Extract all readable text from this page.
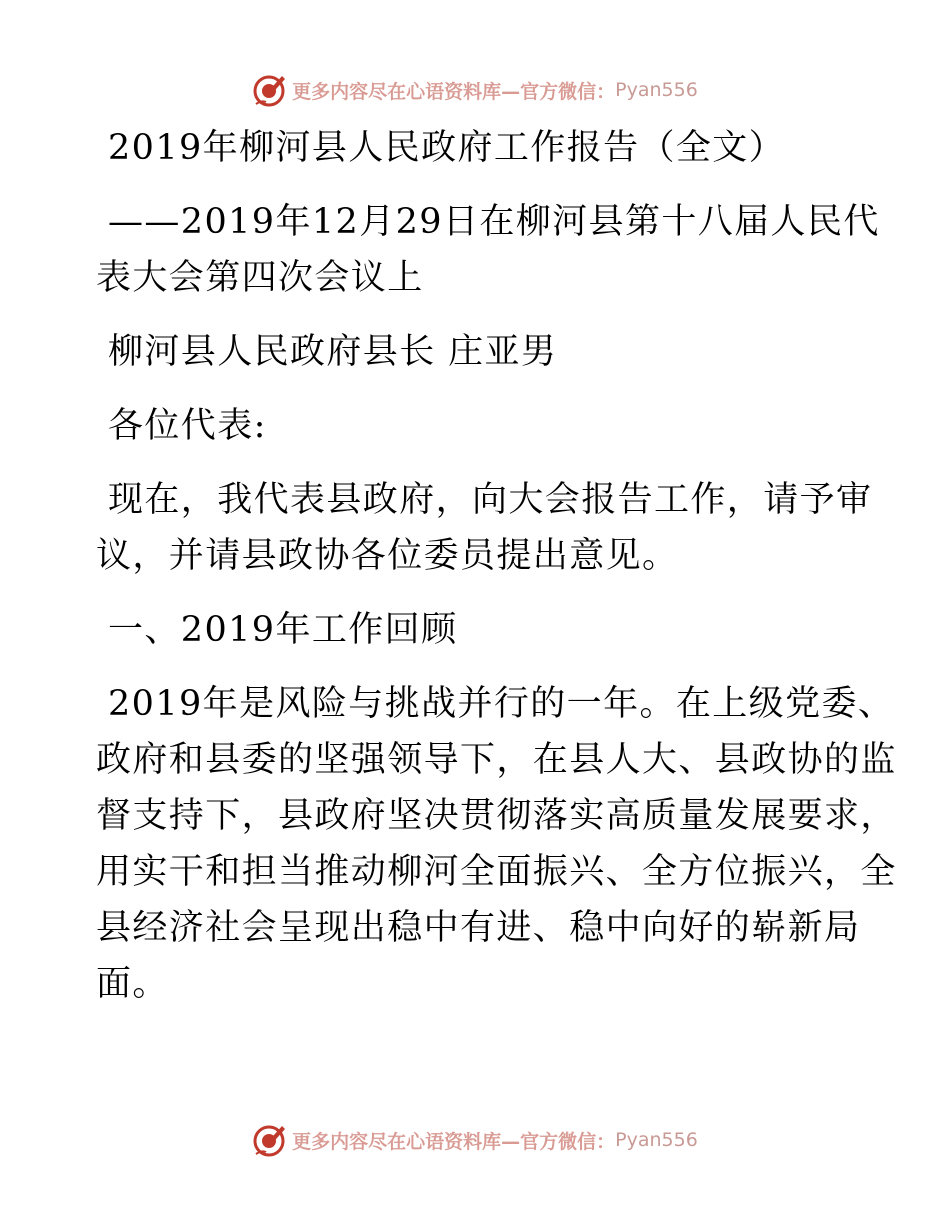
更多内容尽在心语资料库—官方微信： Pyan556
2019年柳河县人民政府工作报告（全文）
——2019年12月29日在柳河县第十八届人民代
表大会第四次会议上
柳河县人民政府县长 庄亚男
各位代表:
现在，我代表县政府，向大会报告工作，请予审
议，并请县政协各位委员提出意见。
一、2019年工作回顾
2019年是风险与挑战并行的一年。在上级党委、
政府和县委的坚强领导下，在县人大、县政协的监
督支持下，县政府坚决贯彻落实高质量发展要求，
用实干和担当推动柳河全面振兴、全方位振兴，全
县经济社会呈现出稳中有进、稳中向好的崭新局
面。
更多内容尽在心语资料库—官方微信： Pyan556
